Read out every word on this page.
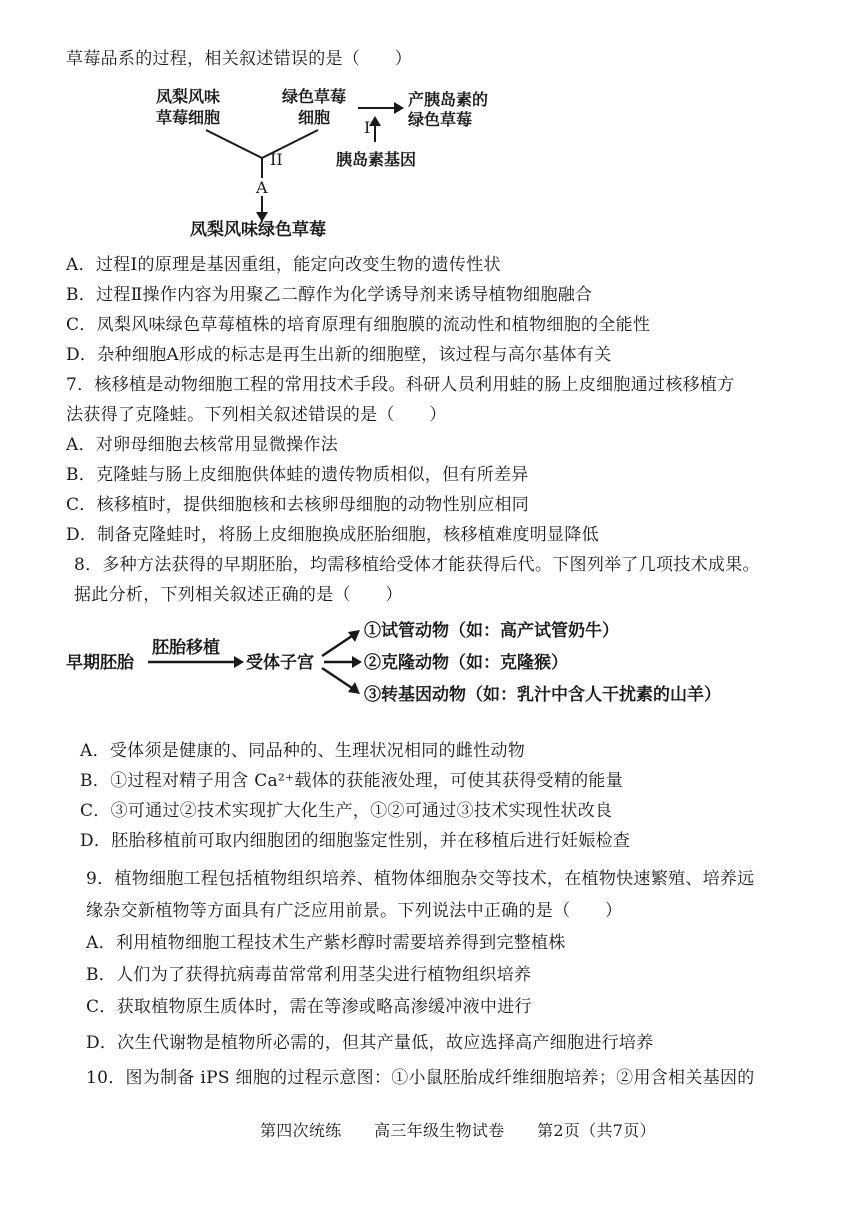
草莓品系的过程，相关叙述错误的是（　　）
凤梨风味
草莓细胞
绿色草莓
细胞
产胰岛素的
绿色草莓
I
胰岛素基因
II
A
凤梨风味绿色草莓
A．过程Ⅰ的原理是基因重组，能定向改变生物的遗传性状
B．过程Ⅱ操作内容为用聚乙二醇作为化学诱导剂来诱导植物细胞融合
C．凤梨风味绿色草莓植株的培育原理有细胞膜的流动性和植物细胞的全能性
D．杂种细胞A形成的标志是再生出新的细胞壁，该过程与高尔基体有关
7．核移植是动物细胞工程的常用技术手段。科研人员利用蛙的肠上皮细胞通过核移植方
法获得了克隆蛙。下列相关叙述错误的是（　　）
A．对卵母细胞去核常用显微操作法
B．克隆蛙与肠上皮细胞供体蛙的遗传物质相似，但有所差异
C．核移植时，提供细胞核和去核卵母细胞的动物性别应相同
D．制备克隆蛙时，将肠上皮细胞换成胚胎细胞，核移植难度明显降低
8．多种方法获得的早期胚胎，均需移植给受体才能获得后代。下图列举了几项技术成果。
据此分析，下列相关叙述正确的是（　　）
早期胚胎
胚胎移植
受体子宫
①试管动物（如：高产试管奶牛）
②克隆动物（如：克隆猴）
③转基因动物（如：乳汁中含人干扰素的山羊）
A．受体须是健康的、同品种的、生理状况相同的雌性动物
B．①过程对精子用含 Ca²⁺载体的获能液处理，可使其获得受精的能量
C．③可通过②技术实现扩大化生产，①②可通过③技术实现性状改良
D．胚胎移植前可取内细胞团的细胞鉴定性别，并在移植后进行妊娠检查
9．植物细胞工程包括植物组织培养、植物体细胞杂交等技术，在植物快速繁殖、培养远
缘杂交新植物等方面具有广泛应用前景。下列说法中正确的是（　　）
A．利用植物细胞工程技术生产紫杉醇时需要培养得到完整植株
B．人们为了获得抗病毒苗常常利用茎尖进行植物组织培养
C．获取植物原生质体时，需在等渗或略高渗缓冲液中进行
D．次生代谢物是植物所必需的，但其产量低，故应选择高产细胞进行培养
10．图为制备 iPS 细胞的过程示意图：①小鼠胚胎成纤维细胞培养；②用含相关基因的
第四次统练　　高三年级生物试卷　　第2页（共7页）
